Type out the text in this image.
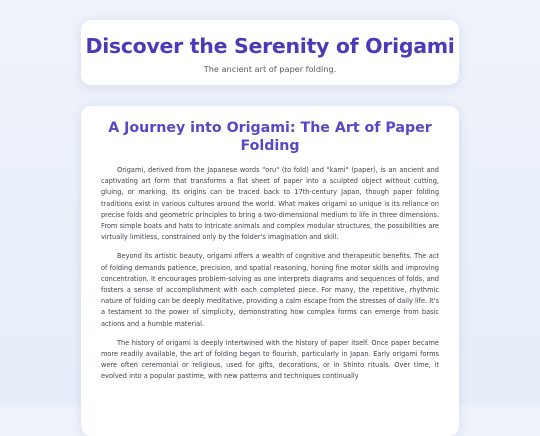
Discover the Serenity of Origami
The ancient art of paper folding.
A Journey into Origami: The Art of Paper Folding

Origami, derived from the Japanese words "oru" (to fold) and "kami" (paper), is an ancient and captivating art form that transforms a flat sheet of paper into a sculpted object without cutting, gluing, or marking. Its origins can be traced back to 17th-century Japan, though paper folding traditions exist in various cultures around the world. What makes origami so unique is its reliance on precise folds and geometric principles to bring a two-dimensional medium to life in three dimensions. From simple boats and hats to intricate animals and complex modular structures, the possibilities are virtually limitless, constrained only by the folder's imagination and skill.

Beyond its artistic beauty, origami offers a wealth of cognitive and therapeutic benefits. The act of folding demands patience, precision, and spatial reasoning, honing fine motor skills and improving concentration. It encourages problem-solving as one interprets diagrams and sequences of folds, and fosters a sense of accomplishment with each completed piece. For many, the repetitive, rhythmic nature of folding can be deeply meditative, providing a calm escape from the stresses of daily life. It's a testament to the power of simplicity, demonstrating how complex forms can emerge from basic actions and a humble material.

The history of origami is deeply intertwined with the history of paper itself. Once paper became more readily available, the art of folding began to flourish, particularly in Japan. Early origami forms were often ceremonial or religious, used for gifts, decorations, or in Shinto rituals. Over time, it evolved into a popular pastime, with new patterns and techniques continually
